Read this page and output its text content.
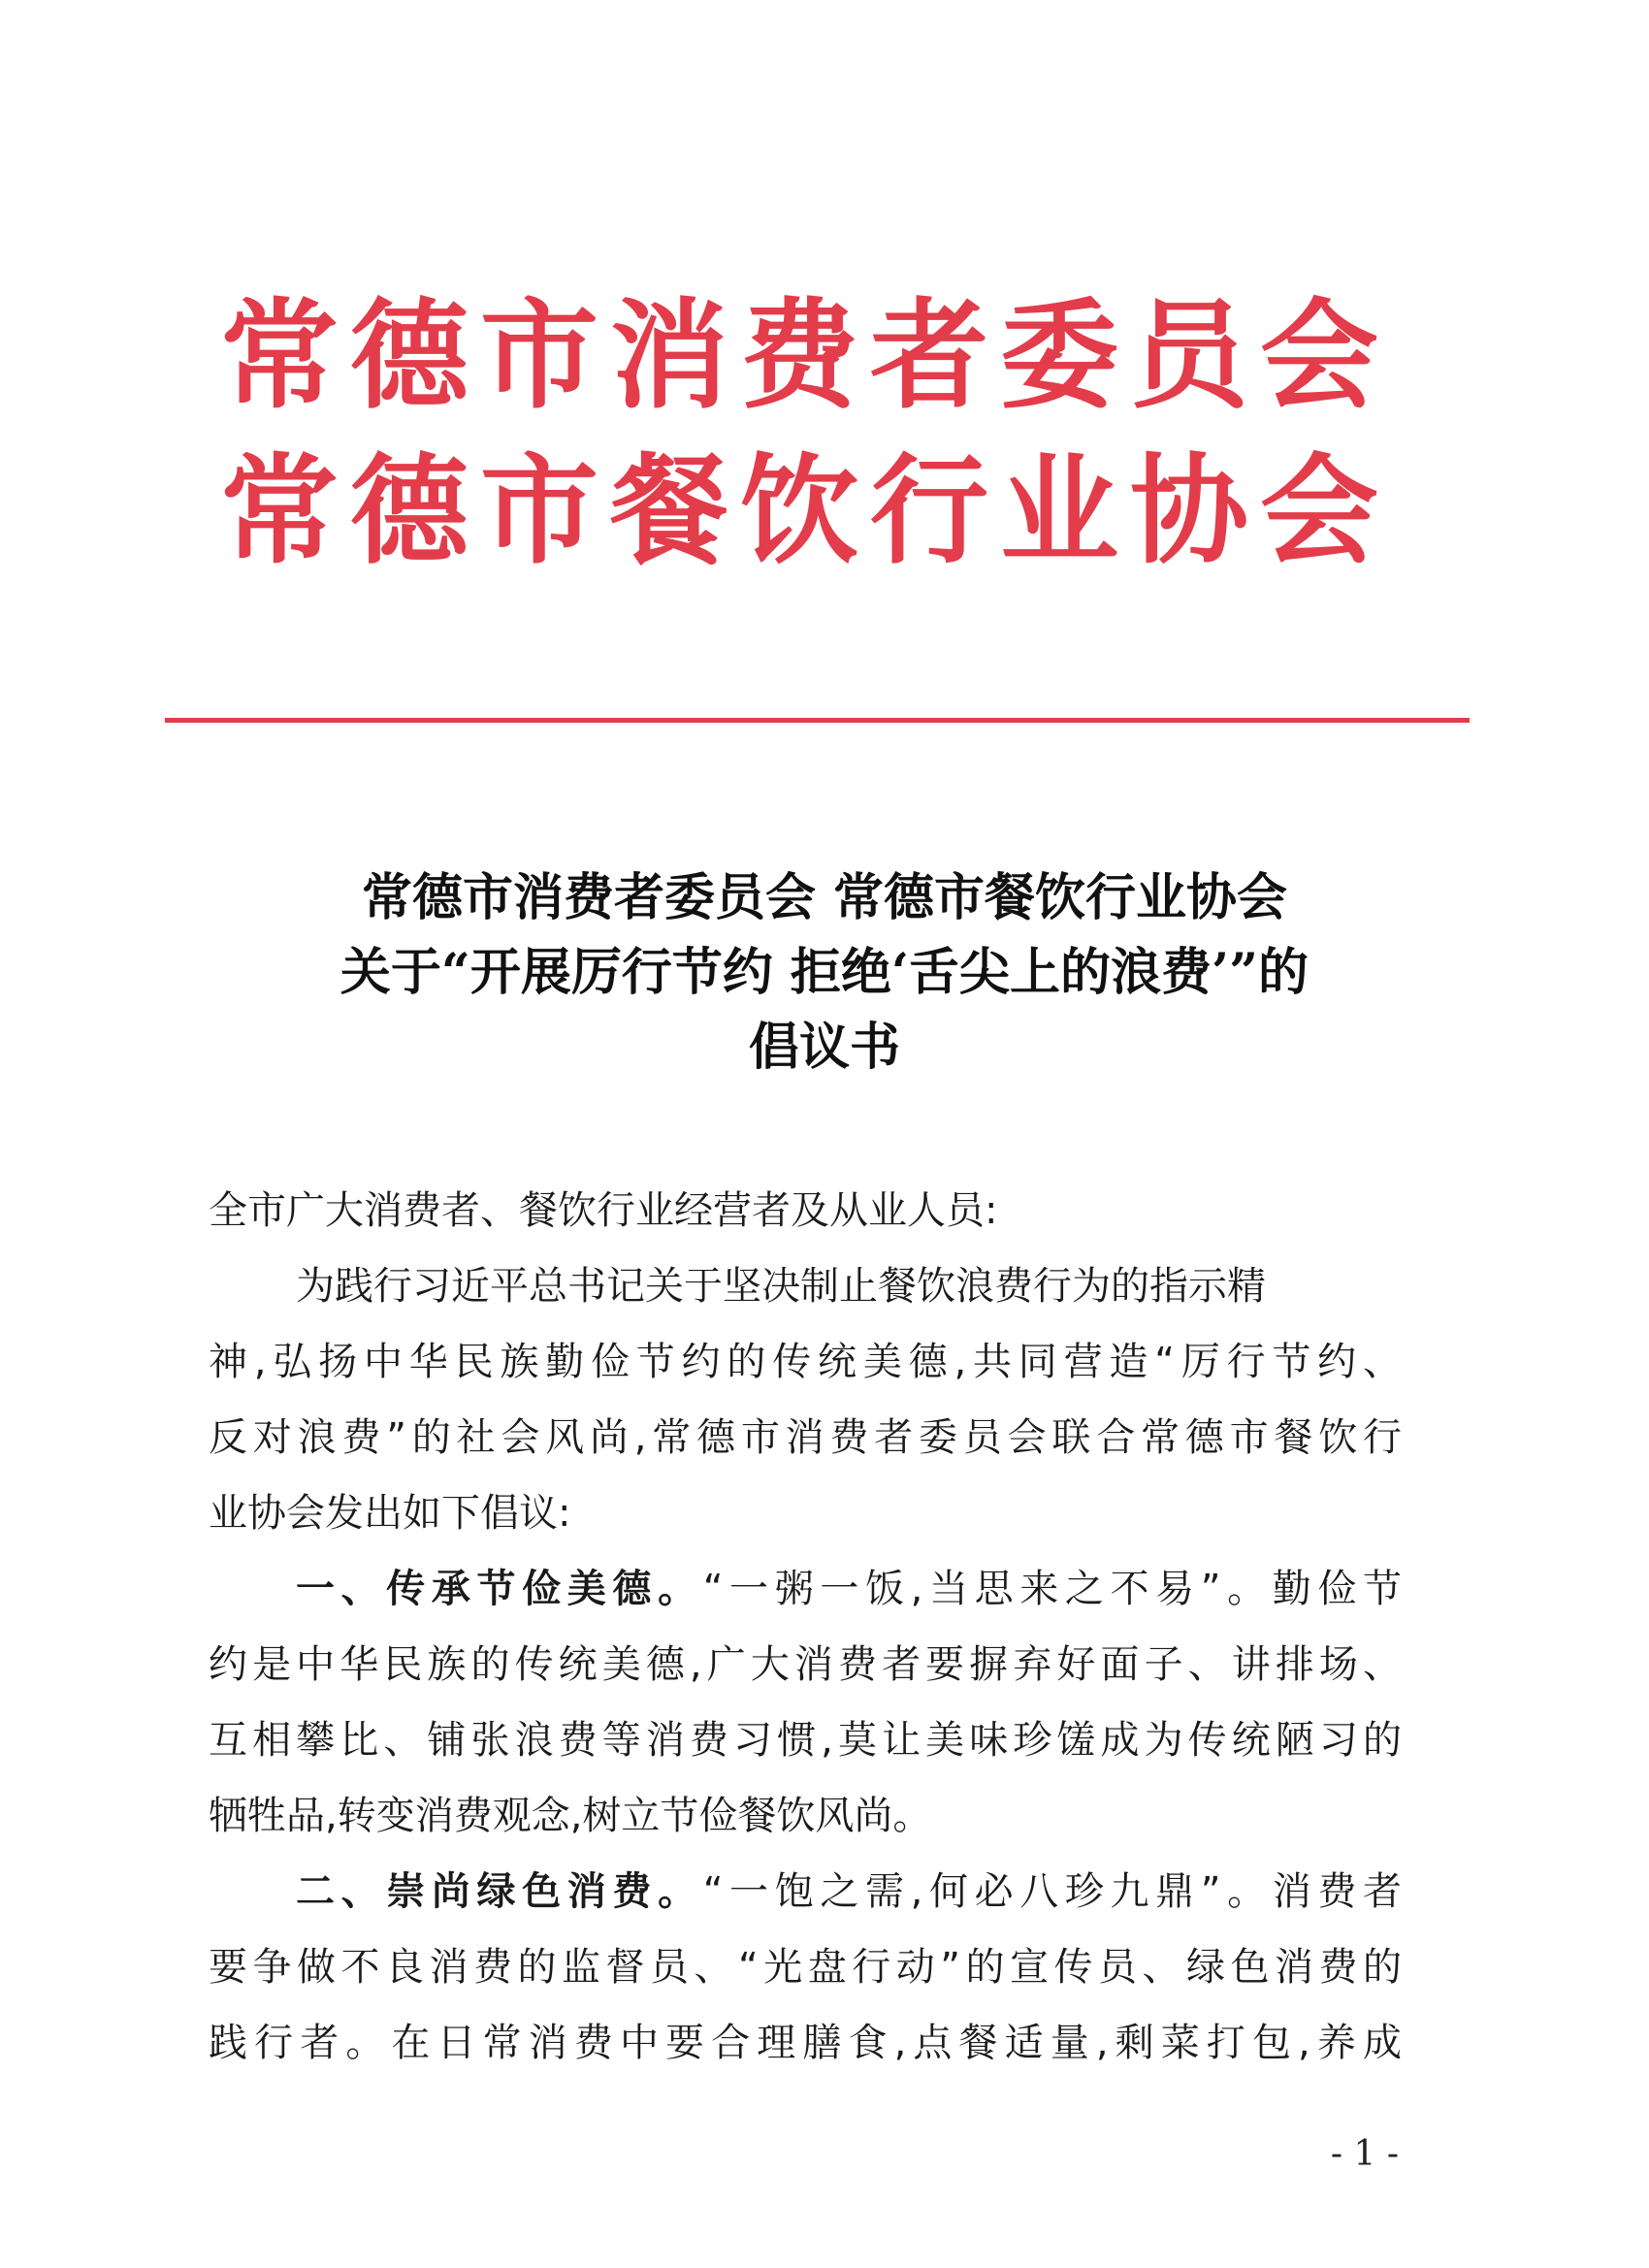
常德市消费者委员会
常德市餐饮行业协会
常德市消费者委员会 常德市餐饮行业协会
关于“开展厉行节约 拒绝‘舌尖上的浪费’”的
倡议书
全市广大消费者、餐饮行业经营者及从业人员:
为践行习近平总书记关于坚决制止餐饮浪费行为的指示精
神,弘扬中华民族勤俭节约的传统美德,共同营造“厉行节约、
反对浪费”的社会风尚,常德市消费者委员会联合常德市餐饮行
业协会发出如下倡议:
一、传承节俭美德。“一粥一饭,当思来之不易”。勤俭节
约是中华民族的传统美德,广大消费者要摒弃好面子、讲排场、
互相攀比、铺张浪费等消费习惯,莫让美味珍馐成为传统陋习的
牺牲品,转变消费观念,树立节俭餐饮风尚。
二、崇尚绿色消费。“一饱之需,何必八珍九鼎”。消费者
要争做不良消费的监督员、“光盘行动”的宣传员、绿色消费的
践行者。在日常消费中要合理膳食,点餐适量,剩菜打包,养成
- 1 -
